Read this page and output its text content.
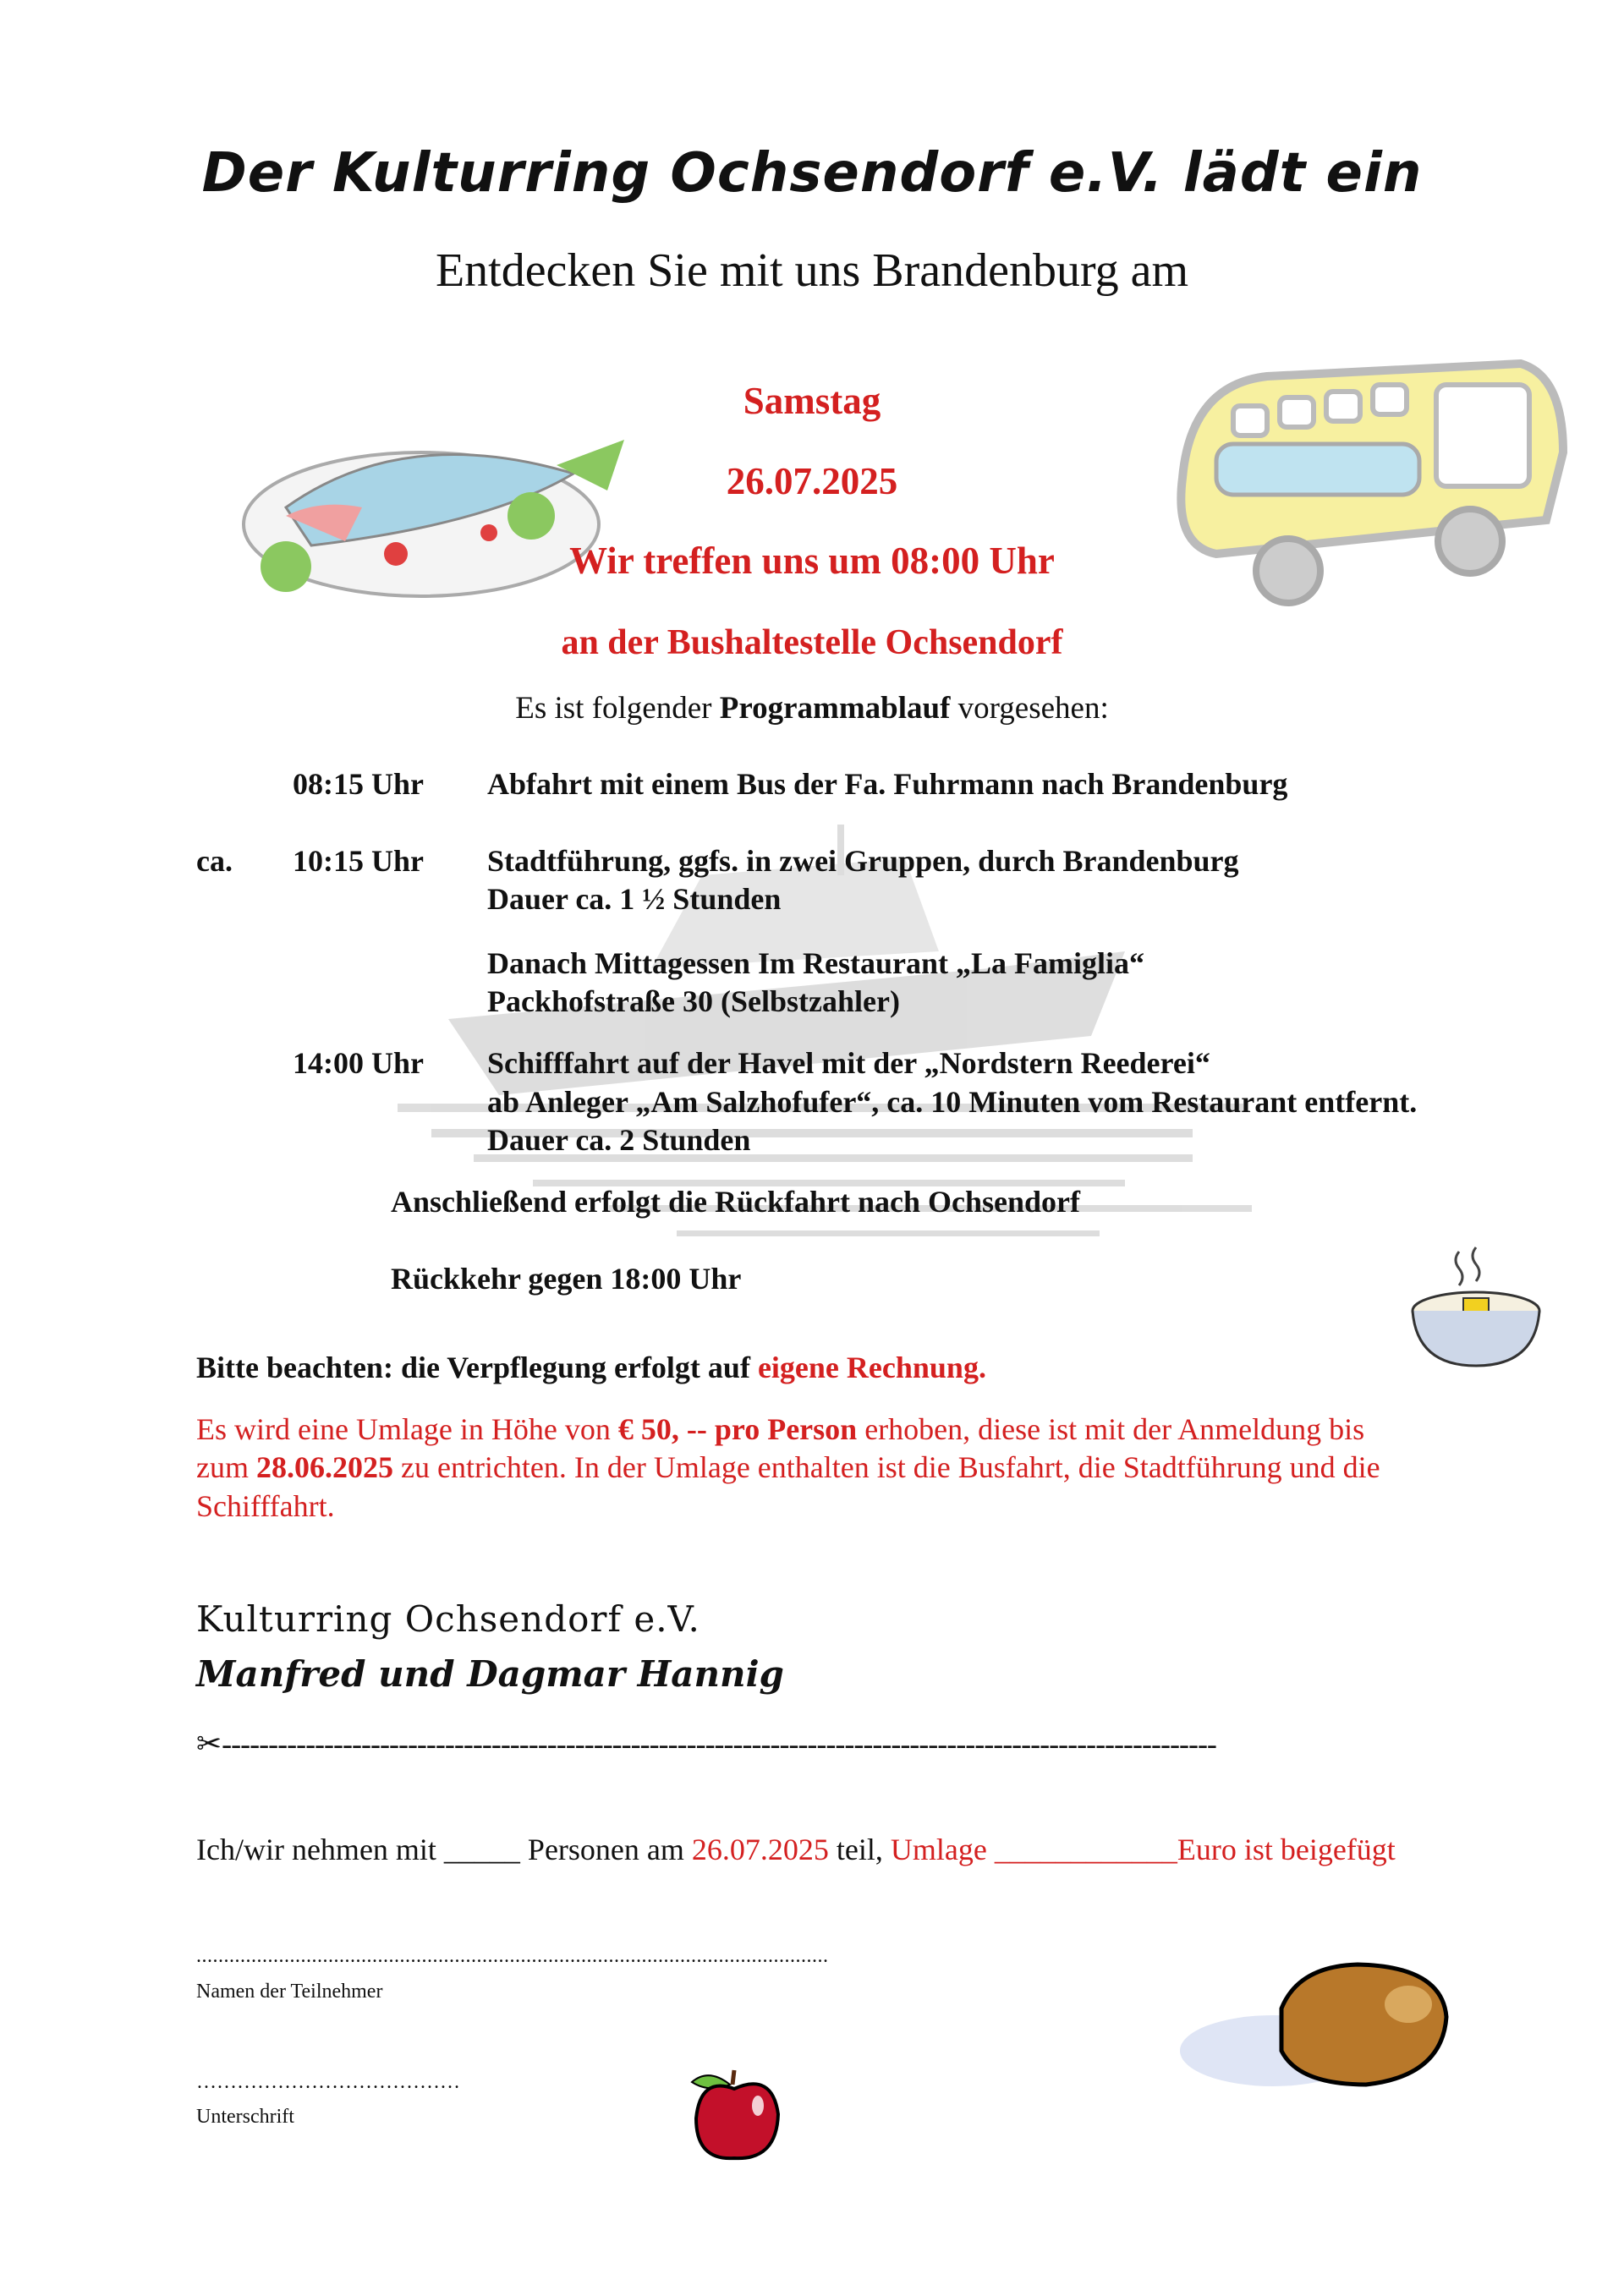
Der Kulturring Ochsendorf e.V. lädt ein
Entdecken Sie mit uns Brandenburg am
Samstag
26.07.2025
Wir treffen uns um 08:00 Uhr
an der Bushaltestelle Ochsendorf
Es ist folgender Programmablauf vorgesehen:
08:15 Uhr Abfahrt mit einem Bus der Fa. Fuhrmann nach Brandenburg
ca. 10:15 Uhr Stadtführung, ggfs. in zwei Gruppen, durch Brandenburg
Dauer ca. 1 ½ Stunden
Danach Mittagessen Im Restaurant „La Famiglia“
Packhofstraße 30 (Selbstzahler)
14:00 Uhr Schifffahrt auf der Havel mit der „Nordstern Reederei“
ab Anleger „Am Salzhofufer“, ca. 10 Minuten vom Restaurant entfernt.
Dauer ca. 2 Stunden
Anschließend erfolgt die Rückfahrt nach Ochsendorf
Rückkehr gegen 18:00 Uhr
Bitte beachten: die Verpflegung erfolgt auf eigene Rechnung.
Es wird eine Umlage in Höhe von € 50, -- pro Person erhoben, diese ist mit der Anmeldung bis
zum 28.06.2025 zu entrichten. In der Umlage enthalten ist die Busfahrt, die Stadtführung und die
Schifffahrt.
Kulturring Ochsendorf e.V.
Manfred und Dagmar Hannig
✂-----------------------------------------------------------------------------------------------------------
Ich/wir nehmen mit _____ Personen am 26.07.2025 teil, Umlage ____________Euro ist beigefügt
...................................................................................................................
Namen der Teilnehmer
…………………………………
Unterschrift
